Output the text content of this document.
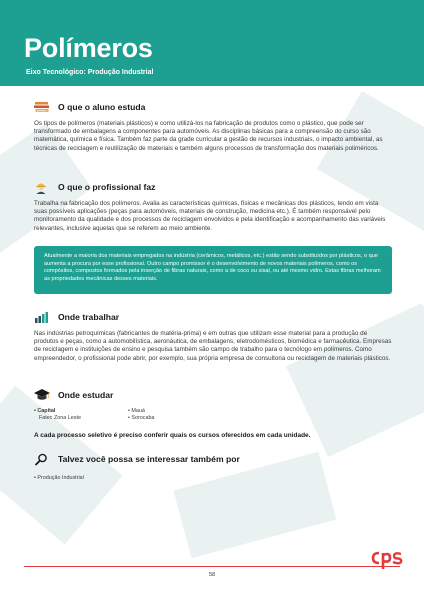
Polímeros
Eixo Tecnológico: Produção Industrial
O que o aluno estuda
Os tipos de polímeros (materiais plásticos) e como utilizá-los na fabricação de produtos como o plástico, que pode ser transformado de embalagens a componentes para automóveis. As disciplinas básicas para a compreensão do curso são matemática, química e física. Também faz parte da grade curricular a gestão de recursos industriais, o impacto ambiental, as técnicas de reciclagem e reutilização de materiais e também alguns processos de transformação dos materiais poliméricos.
O que o profissional faz
Trabalha na fabricação dos polímeros. Avalia as características químicas, físicas e mecânicas dos plásticos, tendo em vista suas possíveis aplicações (peças para automóveis, materiais de construção, medicina etc.). É também responsável pelo monitoramento da qualidade e dos processos de reciclagem envolvidos e pela identificação e acompanhamento das variáveis relevantes, inclusive aquelas que se referem ao meio ambiente.
Atualmente a maioria dos materiais empregados na indústria (cerâmicos, metálicos, etc.) estão sendo substituídos por plásticos, o que aumenta a procura por esse profissional. Outro campo promissor é o desenvolvimento de novos materiais polímeros, como os compósitos, compostos formados pela inserção de fibras naturais, como a de coco ou sisal, ou até mesmo vidro. Estas fibras melhoram as propriedades mecânicas desses materiais.
Onde trabalhar
Nas indústrias petroquímicas (fabricantes de matéria-prima) e em outras que utilizam esse material para a produção de produtos e peças, como a automobilística, aeronáutica, de embalagens, eletrodomésticos, biomédica e farmacêutica. Empresas de reciclagem e instituições de ensino e pesquisa também são campo de trabalho para o tecnólogo em polímeros. Como empreendedor, o profissional pode abrir, por exemplo, sua própria empresa de consultoria ou reciclagem de materiais plásticos.
Onde estudar
• Capital
Fatec Zona Leste
• Mauá
• Sorocaba
A cada processo seletivo é preciso conferir quais os cursos oferecidos em cada unidade.
Talvez você possa se interessar também por
• Produção Industrial
58
